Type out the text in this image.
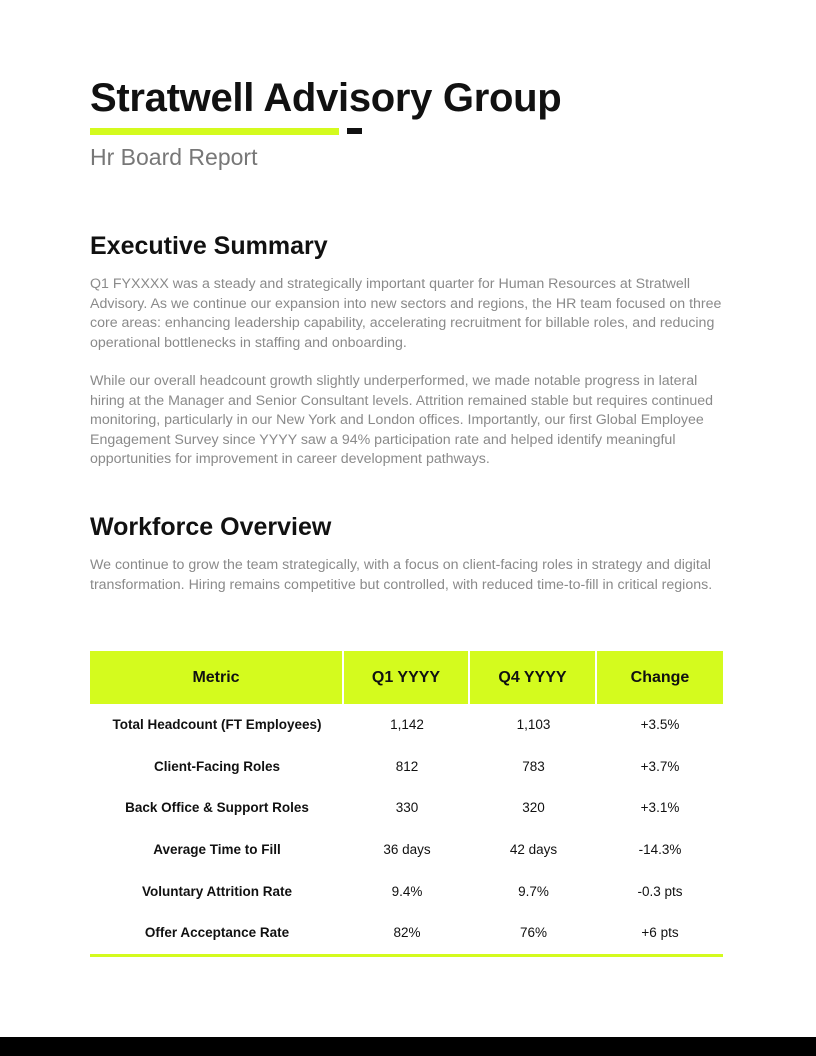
Stratwell Advisory Group
Hr Board Report
Executive Summary

Q1 FYXXXX was a steady and strategically important quarter for Human Resources at Stratwell Advisory. As we continue our expansion into new sectors and regions, the HR team focused on three core areas: enhancing leadership capability, accelerating recruitment for billable roles, and reducing operational bottlenecks in staffing and onboarding.

While our overall headcount growth slightly underperformed, we made notable progress in lateral hiring at the Manager and Senior Consultant levels. Attrition remained stable but requires continued monitoring, particularly in our New York and London offices. Importantly, our first Global Employee Engagement Survey since YYYY saw a 94% participation rate and helped identify meaningful opportunities for improvement in career development pathways.

Workforce Overview

We continue to grow the team strategically, with a focus on client-facing roles in strategy and digital transformation. Hiring remains competitive but controlled, with reduced time-to-fill in critical regions.

Metric	Q1 YYYY	Q4 YYYY	Change
Total Headcount (FT Employees)	1,142	1,103	+3.5%
Client-Facing Roles	812	783	+3.7%
Back Office & Support Roles	330	320	+3.1%
Average Time to Fill	36 days	42 days	-14.3%
Voluntary Attrition Rate	9.4%	9.7%	-0.3 pts
Offer Acceptance Rate	82%	76%	+6 pts
